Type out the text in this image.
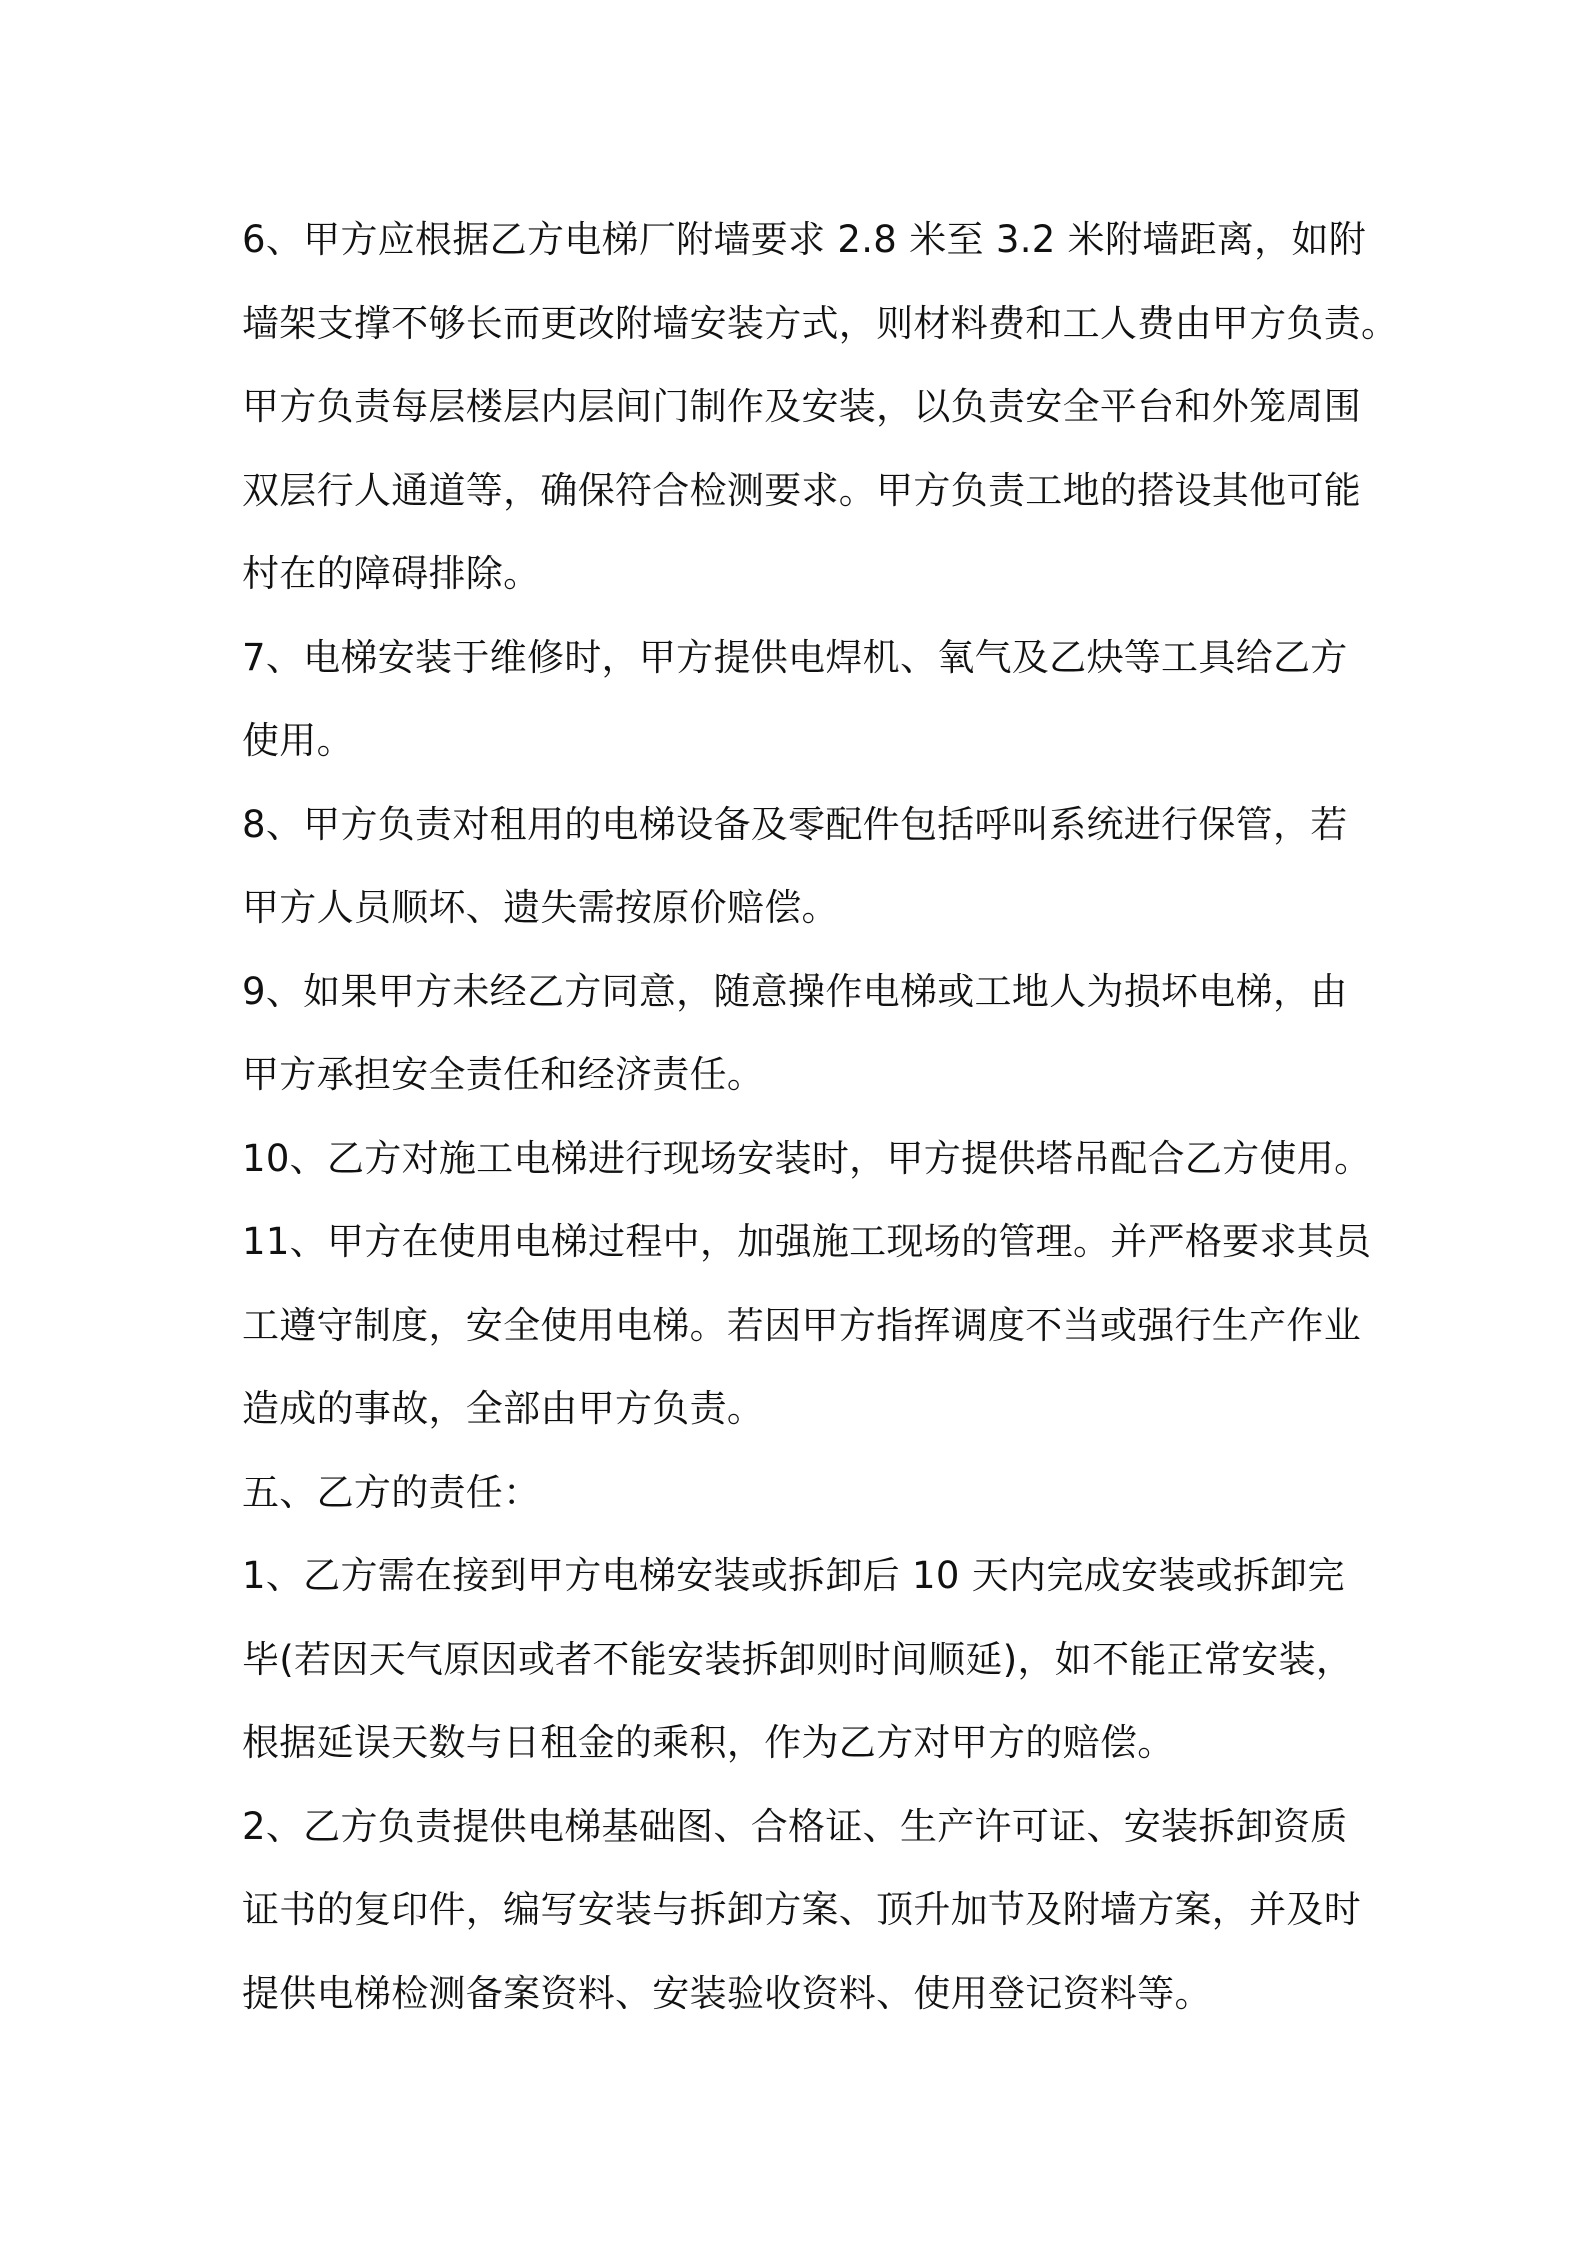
6、甲方应根据乙方电梯厂附墙要求 2.8 米至 3.2 米附墙距离，如附
墙架支撑不够长而更改附墙安装方式，则材料费和工人费由甲方负责。
甲方负责每层楼层内层间门制作及安装，以负责安全平台和外笼周围
双层行人通道等，确保符合检测要求。甲方负责工地的搭设其他可能
村在的障碍排除。
7、电梯安装于维修时，甲方提供电焊机、氧气及乙炔等工具给乙方
使用。
8、甲方负责对租用的电梯设备及零配件包括呼叫系统进行保管，若
甲方人员顺坏、遗失需按原价赔偿。
9、如果甲方未经乙方同意，随意操作电梯或工地人为损坏电梯，由
甲方承担安全责任和经济责任。
10、乙方对施工电梯进行现场安装时，甲方提供塔吊配合乙方使用。
11、甲方在使用电梯过程中，加强施工现场的管理。并严格要求其员
工遵守制度，安全使用电梯。若因甲方指挥调度不当或强行生产作业
造成的事故，全部由甲方负责。
五、乙方的责任：
1、乙方需在接到甲方电梯安装或拆卸后 10 天内完成安装或拆卸完
毕(若因天气原因或者不能安装拆卸则时间顺延)，如不能正常安装，
根据延误天数与日租金的乘积，作为乙方对甲方的赔偿。
2、乙方负责提供电梯基础图、合格证、生产许可证、安装拆卸资质
证书的复印件，编写安装与拆卸方案、顶升加节及附墙方案，并及时
提供电梯检测备案资料、安装验收资料、使用登记资料等。
